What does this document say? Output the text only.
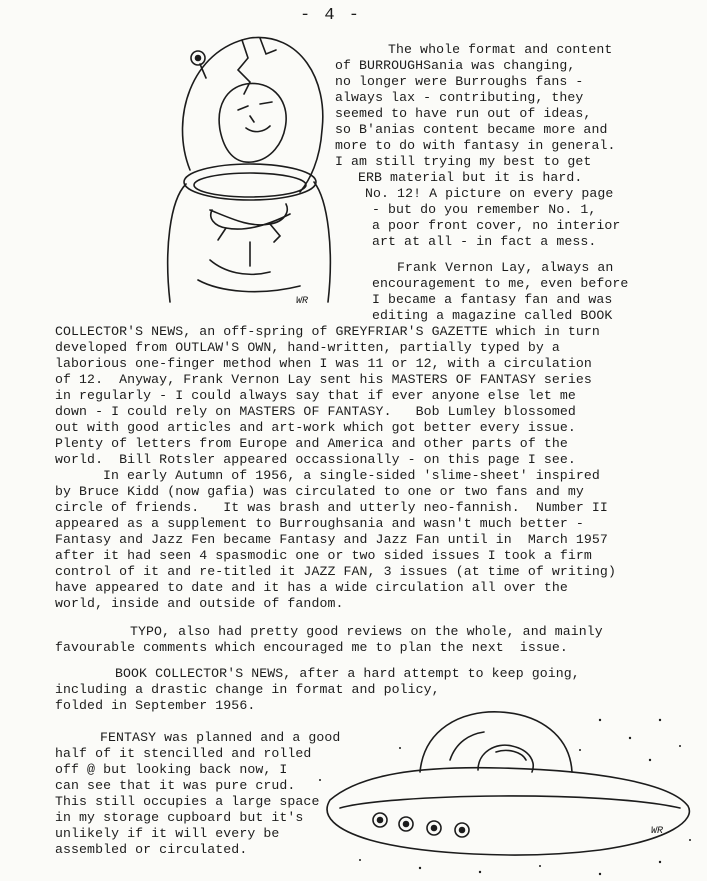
- 4 -
WR
WR
The whole format and content
of BURROUGHSania was changing,
no longer were Burroughs fans -
always lax - contributing, they
seemed to have run out of ideas,
so B'anias content became more and
more to do with fantasy in general.
I am still trying my best to get
ERB material but it is hard.
No. 12! A picture on every page
- but do you remember No. 1,
a poor front cover, no interior
art at all - in fact a mess.
Frank Vernon Lay, always an
encouragement to me, even before
I became a fantasy fan and was
editing a magazine called BOOK
COLLECTOR'S NEWS, an off-spring of GREYFRIAR'S GAZETTE which in turn
developed from OUTLAW'S OWN, hand-written, partially typed by a
laborious one-finger method when I was 11 or 12, with a circulation
of 12.  Anyway, Frank Vernon Lay sent his MASTERS OF FANTASY series
in regularly - I could always say that if ever anyone else let me
down - I could rely on MASTERS OF FANTASY.   Bob Lumley blossomed
out with good articles and art-work which got better every issue.
Plenty of letters from Europe and America and other parts of the
world.  Bill Rotsler appeared occassionally - on this page I see.
In early Autumn of 1956, a single-sided 'slime-sheet' inspired
by Bruce Kidd (now gafia) was circulated to one or two fans and my
circle of friends.   It was brash and utterly neo-fannish.  Number II
appeared as a supplement to Burroughsania and wasn't much better -
Fantasy and Jazz Fen became Fantasy and Jazz Fan until in  March 1957
after it had seen 4 spasmodic one or two sided issues I took a firm
control of it and re-titled it JAZZ FAN, 3 issues (at time of writing)
have appeared to date and it has a wide circulation all over the
world, inside and outside of fandom.
TYPO, also had pretty good reviews on the whole, and mainly
favourable comments which encouraged me to plan the next  issue.
BOOK COLLECTOR'S NEWS, after a hard attempt to keep going,
including a drastic change in format and policy,
folded in September 1956.
FENTASY was planned and a good
half of it stencilled and rolled
off @ but looking back now, I
can see that it was pure crud.
This still occupies a large space
in my storage cupboard but it's
unlikely if it will every be
assembled or circulated.
